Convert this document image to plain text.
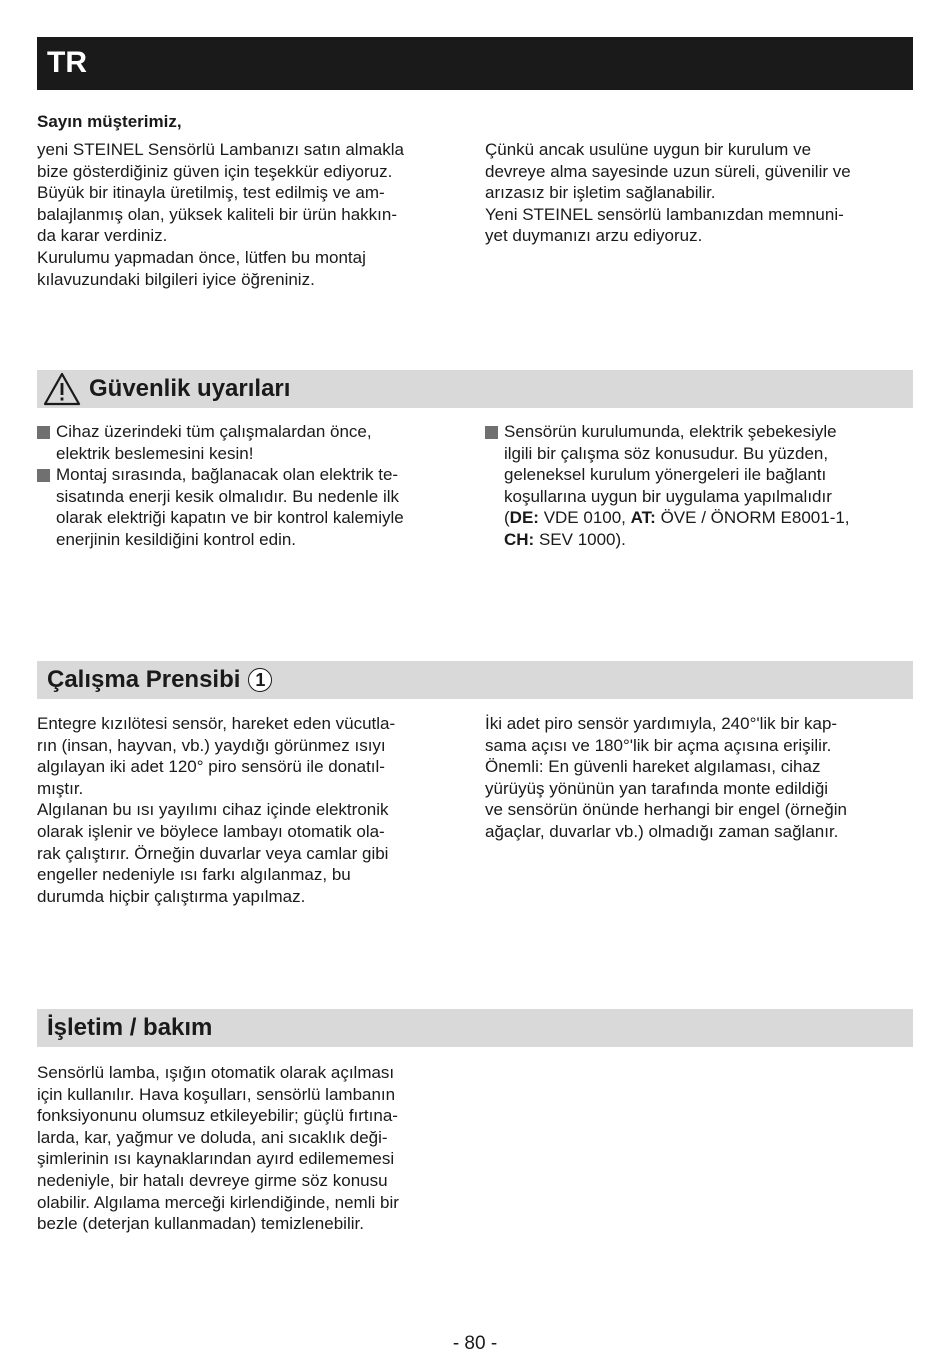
TR
Sayın müşterimiz,

yeni STEINEL Sensörlü Lambanızı satın almakla

bize gösterdiğiniz güven için teşekkür ediyoruz.

Büyük bir itinayla üretilmiş, test edilmiş ve am-

balajlanmış olan, yüksek kaliteli bir ürün hakkın-

da karar verdiniz.

Kurulumu yapmadan önce, lütfen bu montaj

kılavuzundaki bilgileri iyice öğreniniz.

Çünkü ancak usulüne uygun bir kurulum ve

devreye alma sayesinde uzun süreli, güvenilir ve

arızasız bir işletim sağlanabilir.

Yeni STEINEL sensörlü lambanızdan memnuni-

yet duymanızı arzu ediyoruz.

Güvenlik uyarıları
Cihaz üzerindeki tüm çalışmalardan önce,
elektrik beslemesini kesin!
Montaj sırasında, bağlanacak olan elektrik te-
sisatında enerji kesik olmalıdır. Bu nedenle ilk
olarak elektriği kapatın ve bir kontrol kalemiyle
enerjinin kesildiğini kontrol edin.
Sensörün kurulumunda, elektrik şebekesiyle
ilgili bir çalışma söz konusudur. Bu yüzden,
geleneksel kurulum yönergeleri ile bağlantı
koşullarına uygun bir uygulama yapılmalıdır
(DE: VDE 0100, AT: ÖVE / ÖNORM E8001-1,
CH: SEV 1000).
Çalışma Prensibi 1

Entegre kızılötesi sensör, hareket eden vücutla-

rın (insan, hayvan, vb.) yaydığı görünmez ısıyı

algılayan iki adet 120° piro sensörü ile donatıl-

mıştır.

Algılanan bu ısı yayılımı cihaz içinde elektronik

olarak işlenir ve böylece lambayı otomatik ola-

rak çalıştırır. Örneğin duvarlar veya camlar gibi

engeller nedeniyle ısı farkı algılanmaz, bu

durumda hiçbir çalıştırma yapılmaz.

İki adet piro sensör yardımıyla, 240°'lik bir kap-

sama açısı ve 180°'lik bir açma açısına erişilir.

Önemli: En güvenli hareket algılaması, cihaz

yürüyüş yönünün yan tarafında monte edildiği

ve sensörün önünde herhangi bir engel (örneğin

ağaçlar, duvarlar vb.) olmadığı zaman sağlanır.

İşletim / bakım

Sensörlü lamba, ışığın otomatik olarak açılması

için kullanılır. Hava koşulları, sensörlü lambanın

fonksiyonunu olumsuz etkileyebilir; güçlü fırtına-

larda, kar, yağmur ve doluda, ani sıcaklık deği-

şimlerinin ısı kaynaklarından ayırd edilememesi

nedeniyle, bir hatalı devreye girme söz konusu

olabilir. Algılama merceği kirlendiğinde, nemli bir

bezle (deterjan kullanmadan) temizlenebilir.

- 80 -
